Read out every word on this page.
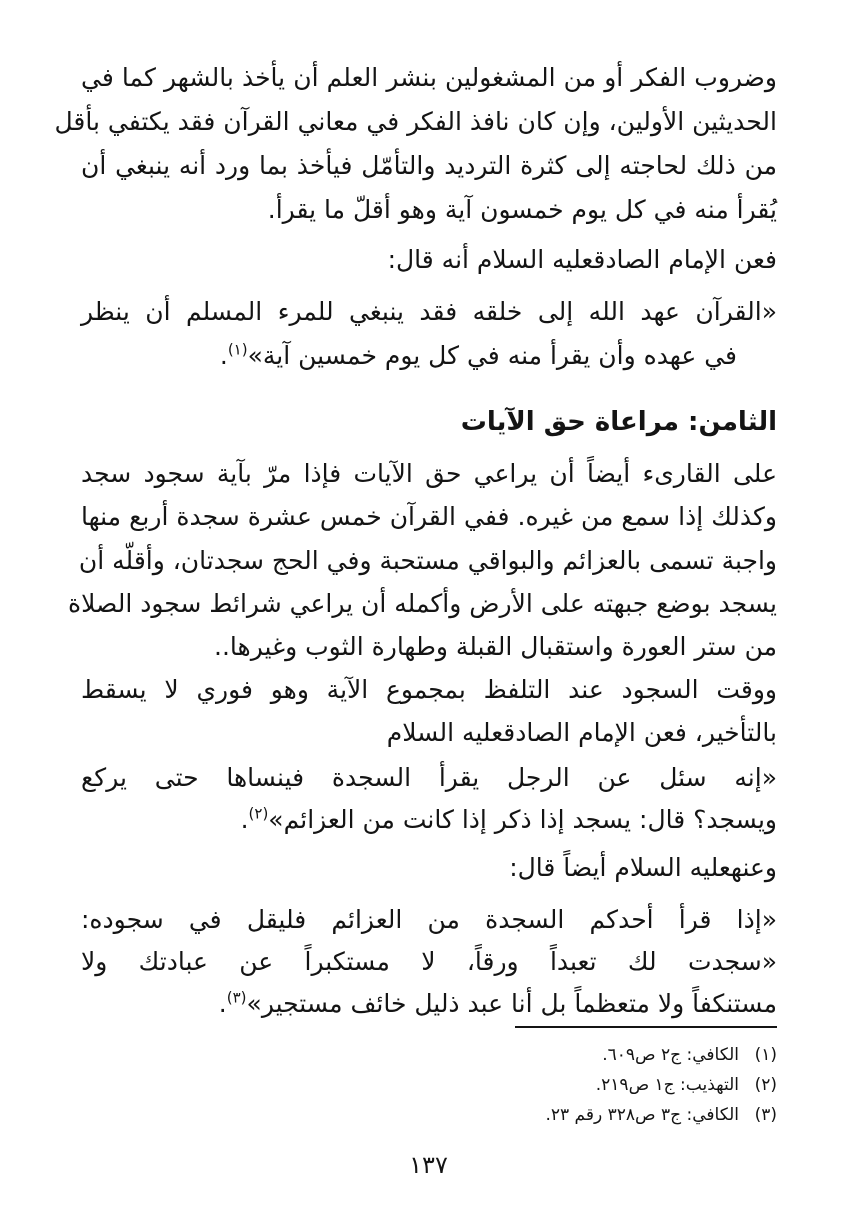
وضروب الفكر أو من المشغولين بنشر العلم أن يأخذ بالشهر كما في
الحديثين الأولين، وإن كان نافذ الفكر في معاني القرآن فقد يكتفي بأقل
من ذلك لحاجته إلى كثرة الترديد والتأمّل فيأخذ بما ورد أنه ينبغي أن
يُقرأ منه في كل يوم خمسون آية وهو أقلّ ما يقرأ.
فعن الإمام الصادقعليه السلام أنه قال:
«القرآن عهد الله إلى خلقه فقد ينبغي للمرء المسلم أن ينظر
في عهده وأن يقرأ منه في كل يوم خمسين آية»$^{(١)}$.
الثامن: مراعاة حق الآيات
على القارىء أيضاً أن يراعي حق الآيات فإذا مرّ بآية سجود سجد
وكذلك إذا سمع من غيره. ففي القرآن خمس عشرة سجدة أربع منها
واجبة تسمى بالعزائم والبواقي مستحبة وفي الحج سجدتان، وأقلّه أن
يسجد بوضع جبهته على الأرض وأكمله أن يراعي شرائط سجود الصلاة
من ستر العورة واستقبال القبلة وطهارة الثوب وغيرها..
ووقت السجود عند التلفظ بمجموع الآية وهو فوري لا يسقط
بالتأخير، فعن الإمام الصادقعليه السلام
«إنه سئل عن الرجل يقرأ السجدة فينساها حتى يركع
ويسجد؟ قال: يسجد إذا ذكر إذا كانت من العزائم»$^{(٢)}$.
وعنهعليه السلام أيضاً قال:
«إذا قرأ أحدكم السجدة من العزائم فليقل في سجوده:
«سجدت لك تعبداً ورقاً، لا مستكبراً عن عبادتك ولا
مستنكفاً ولا متعظماً بل أنا عبد ذليل خائف مستجير»$^{(٣)}$.
(١)الكافي: ج٢ ص٦٠٩.
(٢)التهذيب: ج١ ص٢١٩.
(٣)الكافي: ج٣ ص٣٢٨ رقم ٢٣.
١٣٧
